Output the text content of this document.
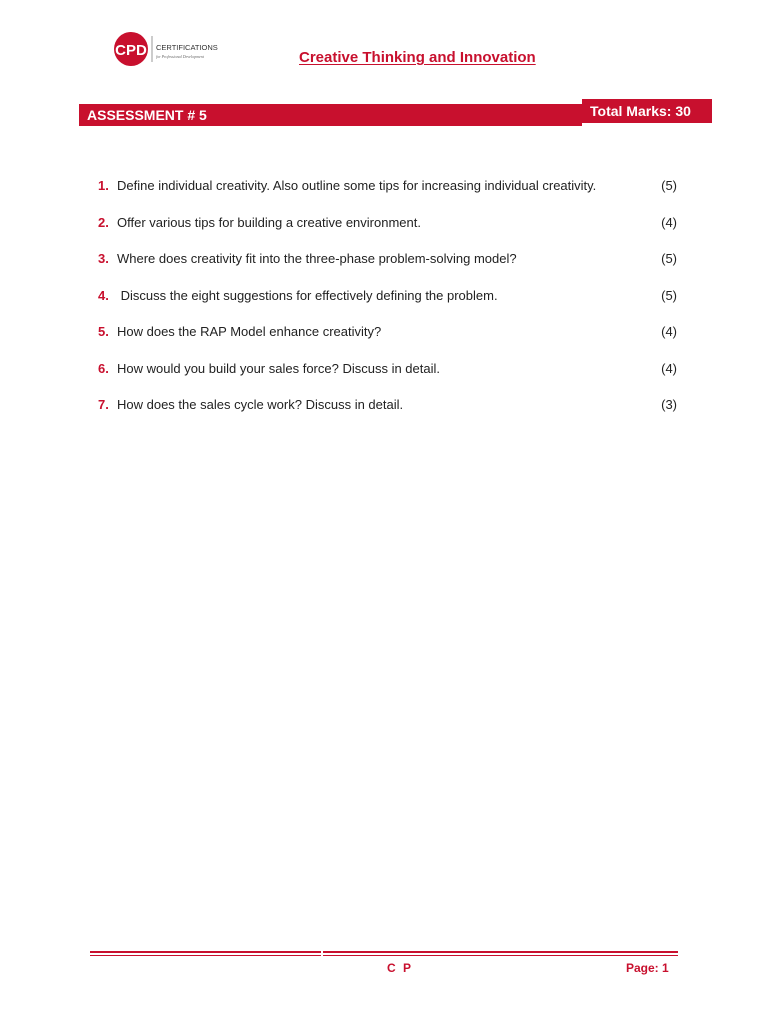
CPD CERTIFICATIONS
for Professional Development	Creative Thinking and Innovation
ASSESSMENT # 5	Total Marks: 30
1. Define individual creativity. Also outline some tips for increasing individual creativity.	(5)
2. Offer various tips for building a creative environment.	(4)
3. Where does creativity fit into the three-phase problem-solving model?	(5)
4. Discuss the eight suggestions for effectively defining the problem.	(5)
5. How does the RAP Model enhance creativity?	(4)
6. How would you build your sales force? Discuss in detail.	(4)
7. How does the sales cycle work? Discuss in detail.	(3)
C P	Page: 1
